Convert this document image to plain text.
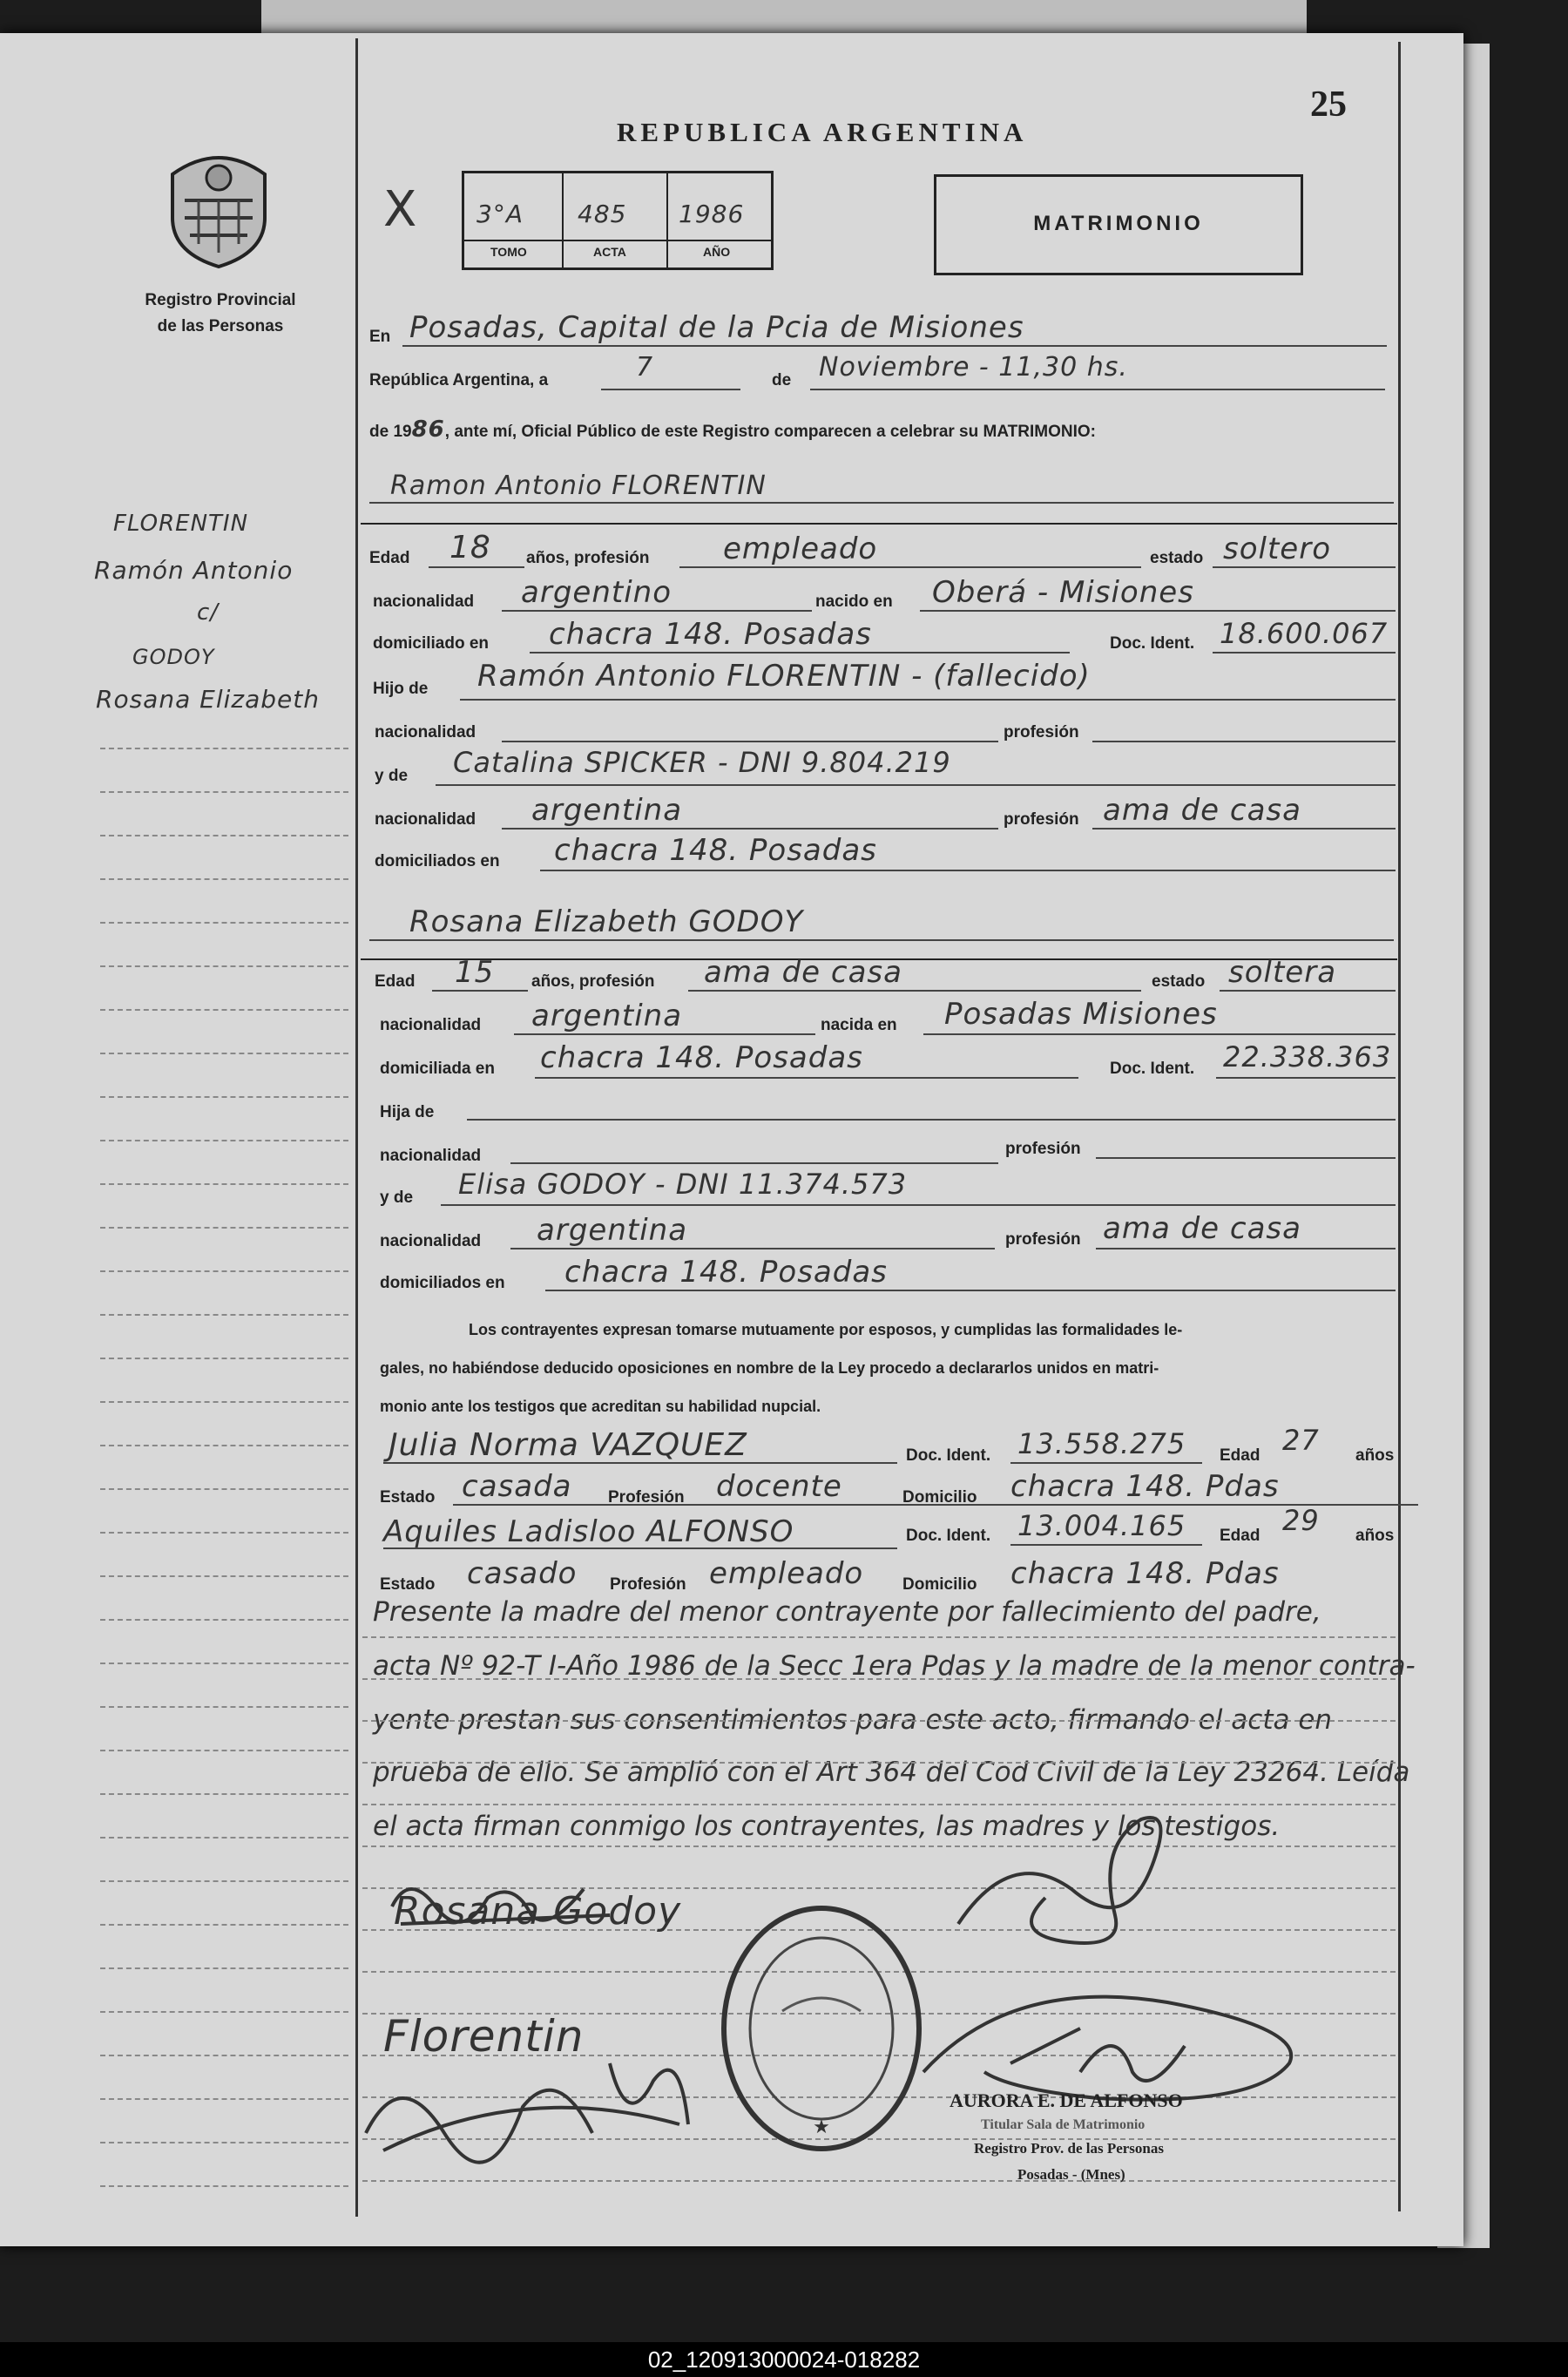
Registro Provincial
de las Personas
FLORENTIN
Ramón Antonio
c/
GODOY
Rosana Elizabeth
REPUBLICA ARGENTINA
25
X 3°A 485 1986
TOMO	ACTA	AÑO
MATRIMONIO
En Posadas, Capital de la Pcia de Misiones
República Argentina, a	7	de Noviembre - 11,30 hs.
de 1986, ante mí, Oficial Público de este Registro comparecen a celebrar su MATRIMONIO:
Ramon Antonio FLORENTIN
Edad 18 años, profesión empleado	estado soltero
nacionalidad argentino	nacido en Oberá - Misiones
domiciliado en chacra 148. Posadas	Doc. Ident. 18.600.067
Hijo de Ramón Antonio FLORENTIN - (fallecido)
nacionalidad	profesión
y de Catalina SPICKER - DNI 9.804.219
nacionalidad argentina	profesión ama de casa
domiciliados en chacra 148. Posadas
Rosana Elizabeth GODOY
Edad 15 años, profesión ama de casa	estado soltera
nacionalidad argentina	nacida en Posadas Misiones
domiciliada en chacra 148. Posadas	Doc. Ident. 22.338.363
Hija de
nacionalidad	profesión
y de Elisa GODOY - DNI 11.374.573
nacionalidad argentina	profesión ama de casa
domiciliados en chacra 148. Posadas
Los contrayentes expresan tomarse mutuamente por esposos, y cumplidas las formalidades le-
gales, no habiéndose deducido oposiciones en nombre de la Ley procedo a declararlos unidos en matri-
monio ante los testigos que acreditan su habilidad nupcial.
Julia Norma VAZQUEZ	Doc. Ident. 13.558.275 Edad 27 años
Estado casada Profesión docente	Domicilio chacra 148. Pdas
Aquiles Ladisloo ALFONSO	Doc. Ident. 13.004.165 Edad 29 años
Estado casado Profesión empleado Domicilio chacra 148. Pdas
Presente la madre del menor contrayente por fallecimiento del padre,
acta Nº 92-T I-Año 1986 de la Secc 1era Pdas y la madre de la menor contra-
yente prestan sus consentimientos para este acto, firmando el acta en
prueba de ello. Se amplió con el Art 364 del Cod Civil de la Ley 23264. Leída
el acta firman conmigo los contrayentes, las madres y los testigos.
Rosana Godoy
Florentin
★
AURORA E. DE ALFONSO
Titular Sala de Matrimonio
Registro Prov. de las Personas
Posadas - (Mnes)
02_120913000024-018282
